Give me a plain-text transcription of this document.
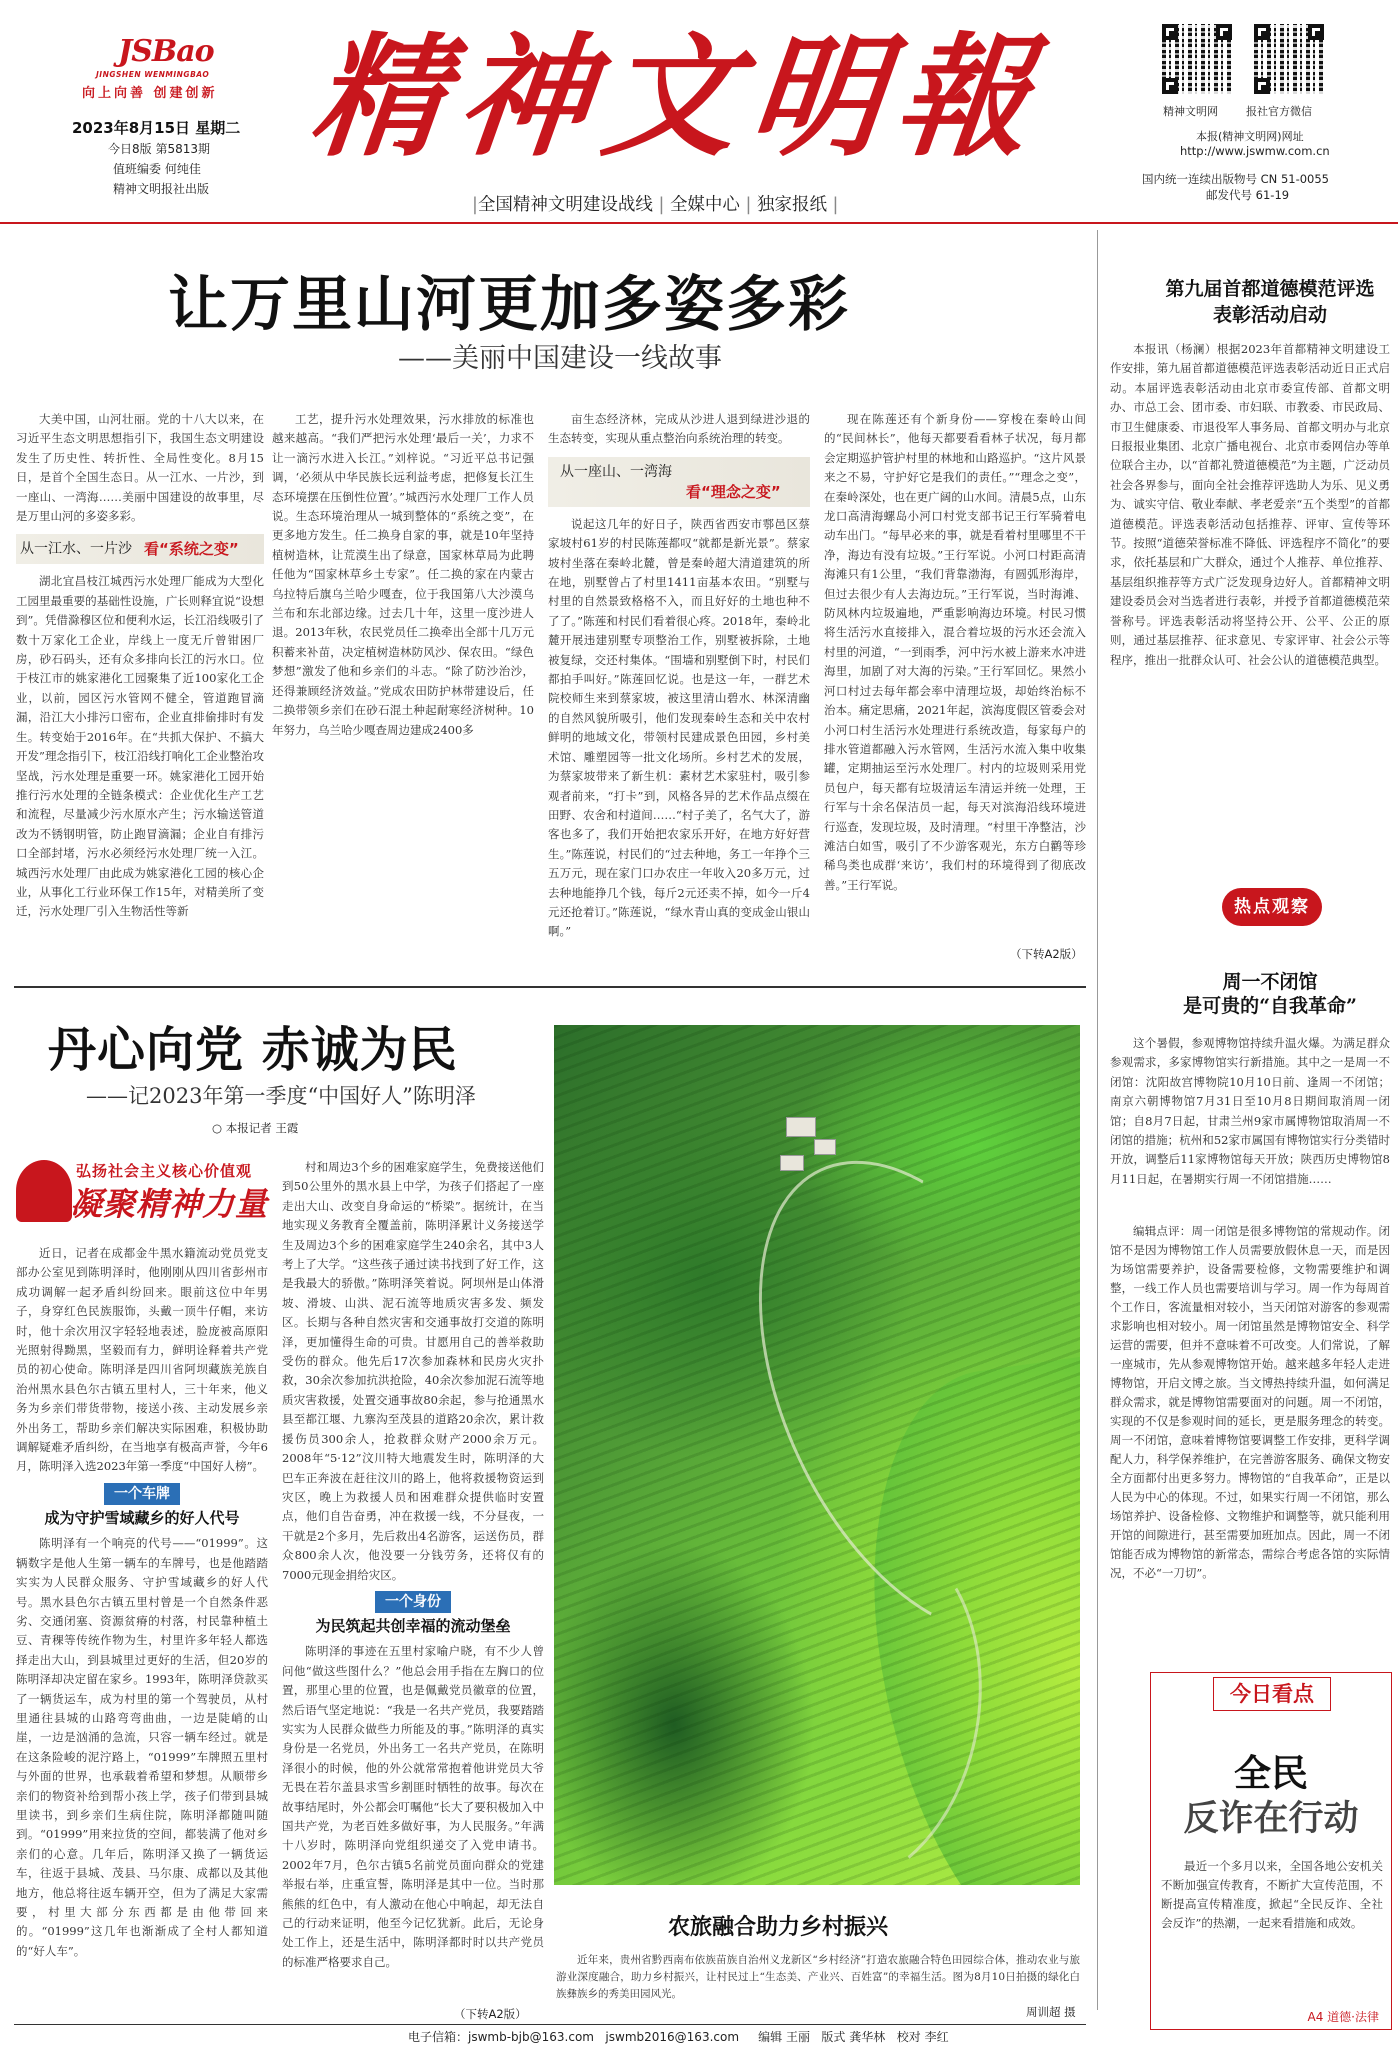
JSBao
JINGSHEN WENMINGBAO
向上向善 创建创新
2023年8月15日 星期二
今日8版 第5813期
值班编委 何纯佳
精神文明报社出版
精神文明報	精神文明网	报社官方微信
本报(精神文明网)网址
http://www.jswmw.com.cn
国内统一连续出版物号 CN 51-0055
邮发代号 61-19
|全国精神文明建设战线 | 全媒中心 | 独家报纸 |
让万里山河更加多姿多彩
——美丽中国建设一线故事

大美中国，山河壮丽。党的十八大以来，在习近平生态文明思想指引下，我国生态文明建设发生了历史性、转折性、全局性变化。8月15日，是首个全国生态日。从一江水、一片沙，到一座山、一湾海……美丽中国建设的故事里，尽是万里山河的多姿多彩。

从一江水、一片沙 看“系统之变”

湖北宜昌枝江城西污水处理厂能成为大型化工园里最重要的基础性设施，广长则释宜说“设想到”。凭借滁穆区位和便利水运，长江沿线吸引了数十万家化工企业，岸线上一度无斤曾钳困厂房，砂石码头，还有众多排向长江的污水口。位于枝江市的姚家港化工园聚集了近100家化工企业，以前，园区污水管网不健全，管道跑冒滴漏，沿江大小排污口密布，企业直排偷排时有发生。转变始于2016年。在“共抓大保护、不搞大开发”理念指引下，枝江沿线打响化工企业整治攻坚战，污水处理是重要一环。姚家港化工园开始推行污水处理的全链条模式：企业优化生产工艺和流程，尽量减少污水原水产生；污水输送管道改为不锈钢明管，防止跑冒滴漏；企业自有排污口全部封堵，污水必须经污水处理厂统一入江。城西污水处理厂由此成为姚家港化工园的核心企业，从事化工行业环保工作15年，对精美所了变迁，污水处理厂引入生物活性等新

工艺，提升污水处理效果，污水排放的标准也越来越高。“我们严把污水处理‘最后一关’，力求不让一滴污水进入长江。”刘梓说。“习近平总书记强调，‘必须从中华民族长远利益考虑，把修复长江生态环境摆在压倒性位置’。”城西污水处理厂工作人员说。生态环境治理从一城到整体的“系统之变”，在更多地方发生。任二换身自家的事，就是10年坚持植树造林，让荒漠生出了绿意，国家林草局为此聘任他为“国家林草乡土专家”。任二换的家在内蒙古乌拉特后旗乌兰哈少嘎查，位于我国第八大沙漠乌兰布和东北部边缘。过去几十年，这里一度沙进人退。2013年秋，农民党员任二换牵出全部十几万元积蓄来补苗，决定植树造林防风沙、保农田。“绿色梦想”激发了他和乡亲们的斗志。“除了防沙治沙，还得兼顾经济效益。”党成农田防护林带建设后，任二换带领乡亲们在砂石混土种起耐寒经济树种。10年努力，乌兰哈少嘎查周边建成2400多

亩生态经济林，完成从沙进人退到绿进沙退的生态转变，实现从重点整治向系统治理的转变。

从一座山、一湾海
看“理念之变”

说起这几年的好日子，陕西省西安市鄠邑区蔡家坡村61岁的村民陈莲都叹“就都是新光景”。蔡家坡村坐落在秦岭北麓，曾是秦岭超大清道建筑的所在地，别墅曾占了村里1411亩基本农田。“别墅与村里的自然景致格格不入，而且好好的土地也种不了了。”陈莲和村民们看着很心疼。2018年，秦岭北麓开展违建别墅专项整治工作，别墅被拆除，土地被复绿，交还村集体。“围墙和别墅倒下时，村民们都拍手叫好。”陈莲回忆说。也是这一年，一群艺术院校师生来到蔡家坡，被这里清山碧水、林深清幽的自然风貌所吸引，他们发现秦岭生态和关中农村鲜明的地域文化，带领村民建成景色田园，乡村美术馆、雕塑园等一批文化场所。乡村艺术的发展，为蔡家坡带来了新生机：素材艺术家驻村，吸引参观者前来，“打卡”到，风格各异的艺术作品点缀在田野、农舍和村道间……“村子美了，名气大了，游客也多了，我们开始把农家乐开好，在地方好好营生。”陈莲说，村民们的“过去种地，务工一年挣个三五万元，现在家门口办农庄一年收入20多万元，过去种地能挣几个钱，每斤2元还卖不掉，如今一斤4元还抢着订。”陈莲说，“绿水青山真的变成金山银山啊。”

现在陈莲还有个新身份——穿梭在秦岭山间的“民间林长”，他每天都要看看林子状况，每月都会定期巡护管护村里的林地和山路巡护。“这片风景来之不易，守护好它是我们的责任。”“理念之变”，在秦岭深处，也在更广阔的山水间。清晨5点，山东龙口高清海螺岛小河口村党支部书记王行军骑着电动车出门。“每早必来的事，就是看着村里哪里不干净，海边有没有垃圾。”王行军说。小河口村距高清海滩只有1公里，“我们背靠渤海，有圆弧形海岸，但过去很少有人去海边玩。”王行军说，当时海滩、防风林内垃圾遍地，严重影响海边环境。村民习惯将生活污水直接排入，混合着垃圾的污水还会流入村里的河道，“一到雨季，河中污水被上游来水冲进海里，加剧了对大海的污染。”王行军回忆。果然小河口村过去每年都会率中清理垃圾，却始终治标不治本。痛定思痛，2021年起，滨海度假区管委会对小河口村生活污水处理进行系统改造，每家每户的排水管道都融入污水管网，生活污水流入集中收集罐，定期抽运至污水处理厂。村内的垃圾则采用党员包户，每天都有垃圾清运车清运并统一处理，王行军与十余名保洁员一起，每天对滨海沿线环境进行巡查，发现垃圾，及时清理。“村里干净整洁，沙滩洁白如雪，吸引了不少游客观光，东方白鹳等珍稀鸟类也成群‘来访’，我们村的环境得到了彻底改善。”王行军说。

（下转A2版）
第九届首都道德模范评选表彰活动启动
本报讯（杨澜）根据2023年首都精神文明建设工作安排，第九届首都道德模范评选表彰活动近日正式启动。本届评选表彰活动由北京市委宣传部、首都文明办、市总工会、团市委、市妇联、市教委、市民政局、市卫生健康委、市退役军人事务局、首都文明办与北京日报报业集团、北京广播电视台、北京市委网信办等单位联合主办，以“首都礼赞道德模范”为主题，广泛动员社会各界参与，面向全社会推荐评选助人为乐、见义勇为、诚实守信、敬业奉献、孝老爱亲“五个类型”的首都道德模范。评选表彰活动包括推荐、评审、宣传等环节。按照“道德荣誉标准不降低、评选程序不简化”的要求，依托基层和广大群众，通过个人推荐、单位推荐、基层组织推荐等方式广泛发现身边好人。首都精神文明建设委员会对当选者进行表彰，并授予首都道德模范荣誉称号。评选表彰活动将坚持公开、公平、公正的原则，通过基层推荐、征求意见、专家评审、社会公示等程序，推出一批群众认可、社会公认的道德模范典型。
热点观察
周一不闭馆
是可贵的“自我革命”
这个暑假，参观博物馆持续升温火爆。为满足群众参观需求，多家博物馆实行新措施。其中之一是周一不闭馆：沈阳故宫博物院10月10日前、逢周一不闭馆；南京六朝博物馆7月31日至10月8日期间取消周一闭馆；自8月7日起，甘肃兰州9家市属博物馆取消周一不闭馆的措施；杭州和52家市属国有博物馆实行分类错时开放，调整后11家博物馆每天开放；陕西历史博物馆8月11日起，在暑期实行周一不闭馆措施……
编辑点评：周一闭馆是很多博物馆的常规动作。闭馆不是因为博物馆工作人员需要放假休息一天，而是因为场馆需要养护，设备需要检修，文物需要维护和调整，一线工作人员也需要培训与学习。周一作为每周首个工作日，客流量相对较小，当天闭馆对游客的参观需求影响也相对较小。周一闭馆虽然是博物馆安全、科学运营的需要，但并不意味着不可改变。人们常说，了解一座城市，先从参观博物馆开始。越来越多年轻人走进博物馆，开启文博之旅。当文博热持续升温，如何满足群众需求，就是博物馆需要面对的问题。周一不闭馆，实现的不仅是参观时间的延长，更是服务理念的转变。周一不闭馆，意味着博物馆要调整工作安排，更科学调配人力，科学保养维护，在完善游客服务、确保文物安全方面都付出更多努力。博物馆的“自我革命”，正是以人民为中心的体现。不过，如果实行周一不闭馆，那么场馆养护、设备检修、文物维护和调整等，就只能利用开馆的间隙进行，甚至需要加班加点。因此，周一不闭馆能否成为博物馆的新常态，需综合考虑各馆的实际情况，不必“一刀切”。
今日看点
全民
反诈在行动
最近一个多月以来，全国各地公安机关不断加强宣传教育，不断扩大宣传范围，不断提高宣传精准度，掀起“全民反诈、全社会反诈”的热潮，一起来看措施和成效。
A4 道德·法律
丹心向党 赤诚为民
——记2023年第一季度“中国好人”陈明泽
○ 本报记者 王霞
弘扬社会主义核心价值观
凝聚精神力量

近日，记者在成都金牛黑水籍流动党员党支部办公室见到陈明泽时，他刚刚从四川省彭州市成功调解一起矛盾纠纷回来。眼前这位中年男子，身穿红色民族服饰，头戴一顶牛仔帽，来访时，他十余次用汉字轻轻地表述，脸庞被高原阳光照射得黝黑，坚毅而有力，鲜明诠释着共产党员的初心使命。陈明泽是四川省阿坝藏族羌族自治州黑水县色尔古镇五里村人，三十年来，他义务为乡亲们带货带物，接送小孩、主动发展乡亲外出务工，帮助乡亲们解决实际困难，积极协助调解疑难矛盾纠纷，在当地享有极高声誉，今年6月，陈明泽入选2023年第一季度“中国好人榜”。

一个车牌
成为守护雪域藏乡的好人代号

陈明泽有一个响亮的代号——“01999”。这辆数字是他人生第一辆车的车牌号，也是他踏踏实实为人民群众服务、守护雪域藏乡的好人代号。黑水县色尔古镇五里村曾是一个自然条件恶劣、交通闭塞、资源贫瘠的村落，村民靠种植土豆、青稞等传统作物为生，村里许多年轻人都选择走出大山，到县城里过更好的生活，但20岁的陈明泽却决定留在家乡。1993年，陈明泽贷款买了一辆货运车，成为村里的第一个驾驶员，从村里通往县城的山路弯弯曲曲，一边是陡峭的山崖，一边是汹涌的急流，只容一辆车经过。就是在这条险峻的泥泞路上，“01999”车牌照五里村与外面的世界，也承载着希望和梦想。从顺带乡亲们的物资补给到帮小孩上学，孩子们带到县城里读书，到乡亲们生病住院，陈明泽都随叫随到。“01999”用来拉货的空间，都装满了他对乡亲们的心意。几年后，陈明泽又换了一辆货运车，往返于县城、茂县、马尔康、成都以及其他地方，他总将往返车辆开空，但为了满足大家需要，村里大部分东西都是由他带回来的。“01999”这几年也渐渐成了全村人都知道的“好人车”。

村和周边3个乡的困难家庭学生，免费接送他们到50公里外的黑水县上中学，为孩子们搭起了一座走出大山、改变自身命运的“桥梁”。据统计，在当地实现义务教育全覆盖前，陈明泽累计义务接送学生及周边3个乡的困难家庭学生240余名，其中3人考上了大学。“这些孩子通过读书找到了好工作，这是我最大的骄傲。”陈明泽笑着说。阿坝州是山体滑坡、滑坡、山洪、泥石流等地质灾害多发、频发区。长期与各种自然灾害和交通事故打交道的陈明泽，更加懂得生命的可贵。甘愿用自己的善举救助受伤的群众。他先后17次参加森林和民房火灾扑救，30余次参加抗洪抢险，40余次参加泥石流等地质灾害救援，处置交通事故80余起，参与抢通黑水县至都江堰、九寨沟至茂县的道路20余次，累计救援伤员300余人，抢救群众财产2000余万元。2008年“5·12”汶川特大地震发生时，陈明泽的大巴车正奔波在赶往汶川的路上，他将救援物资运到灾区，晚上为救援人员和困难群众提供临时安置点，他们自告奋勇，冲在救援一线，不分昼夜，一干就是2个多月，先后救出4名游客，运送伤员，群众800余人次，他没要一分钱劳务，还将仅有的7000元现金捐给灾区。

一个身份
为民筑起共创幸福的流动堡垒

陈明泽的事迹在五里村家喻户晓，有不少人曾问他“做这些图什么？”他总会用手指在左胸口的位置，那里心里的位置，也是佩戴党员徽章的位置，然后语气坚定地说：“我是一名共产党员，我要踏踏实实为人民群众做些力所能及的事。”陈明泽的真实身份是一名党员，外出务工一名共产党员，在陈明泽很小的时候，他的外公就常常抱着他讲党员大爷无畏在若尔盖县求雪乡割匪时牺牲的故事。每次在故事结尾时，外公都会叮嘱他“长大了要积极加入中国共产党，为老百姓多做好事，为人民服务。”年满十八岁时，陈明泽向党组织递交了入党申请书。2002年7月，色尔古镇5名前党员面向群众的党建举报右举，庄重宣誓，陈明泽是其中一位。当时那熊熊的红色中，有人激动在他心中响起，却无法自己的行动来证明，他至今记忆犹新。此后，无论身处工作上，还是生活中，陈明泽都时时以共产党员的标准严格要求自己。

（下转A2版）
农旅融合助力乡村振兴
近年来，贵州省黔西南布依族苗族自治州义龙新区“乡村经济”打造农旅融合特色田园综合体，推动农业与旅游业深度融合，助力乡村振兴，让村民过上“生态美、产业兴、百姓富”的幸福生活。图为8月10日拍摄的绿化白族彝族乡的秀美田园风光。
周训超 摄
电子信箱：jswmb-bjb@163.com jswmb2016@163.com 编辑 王丽 版式 龚华林 校对 李红
